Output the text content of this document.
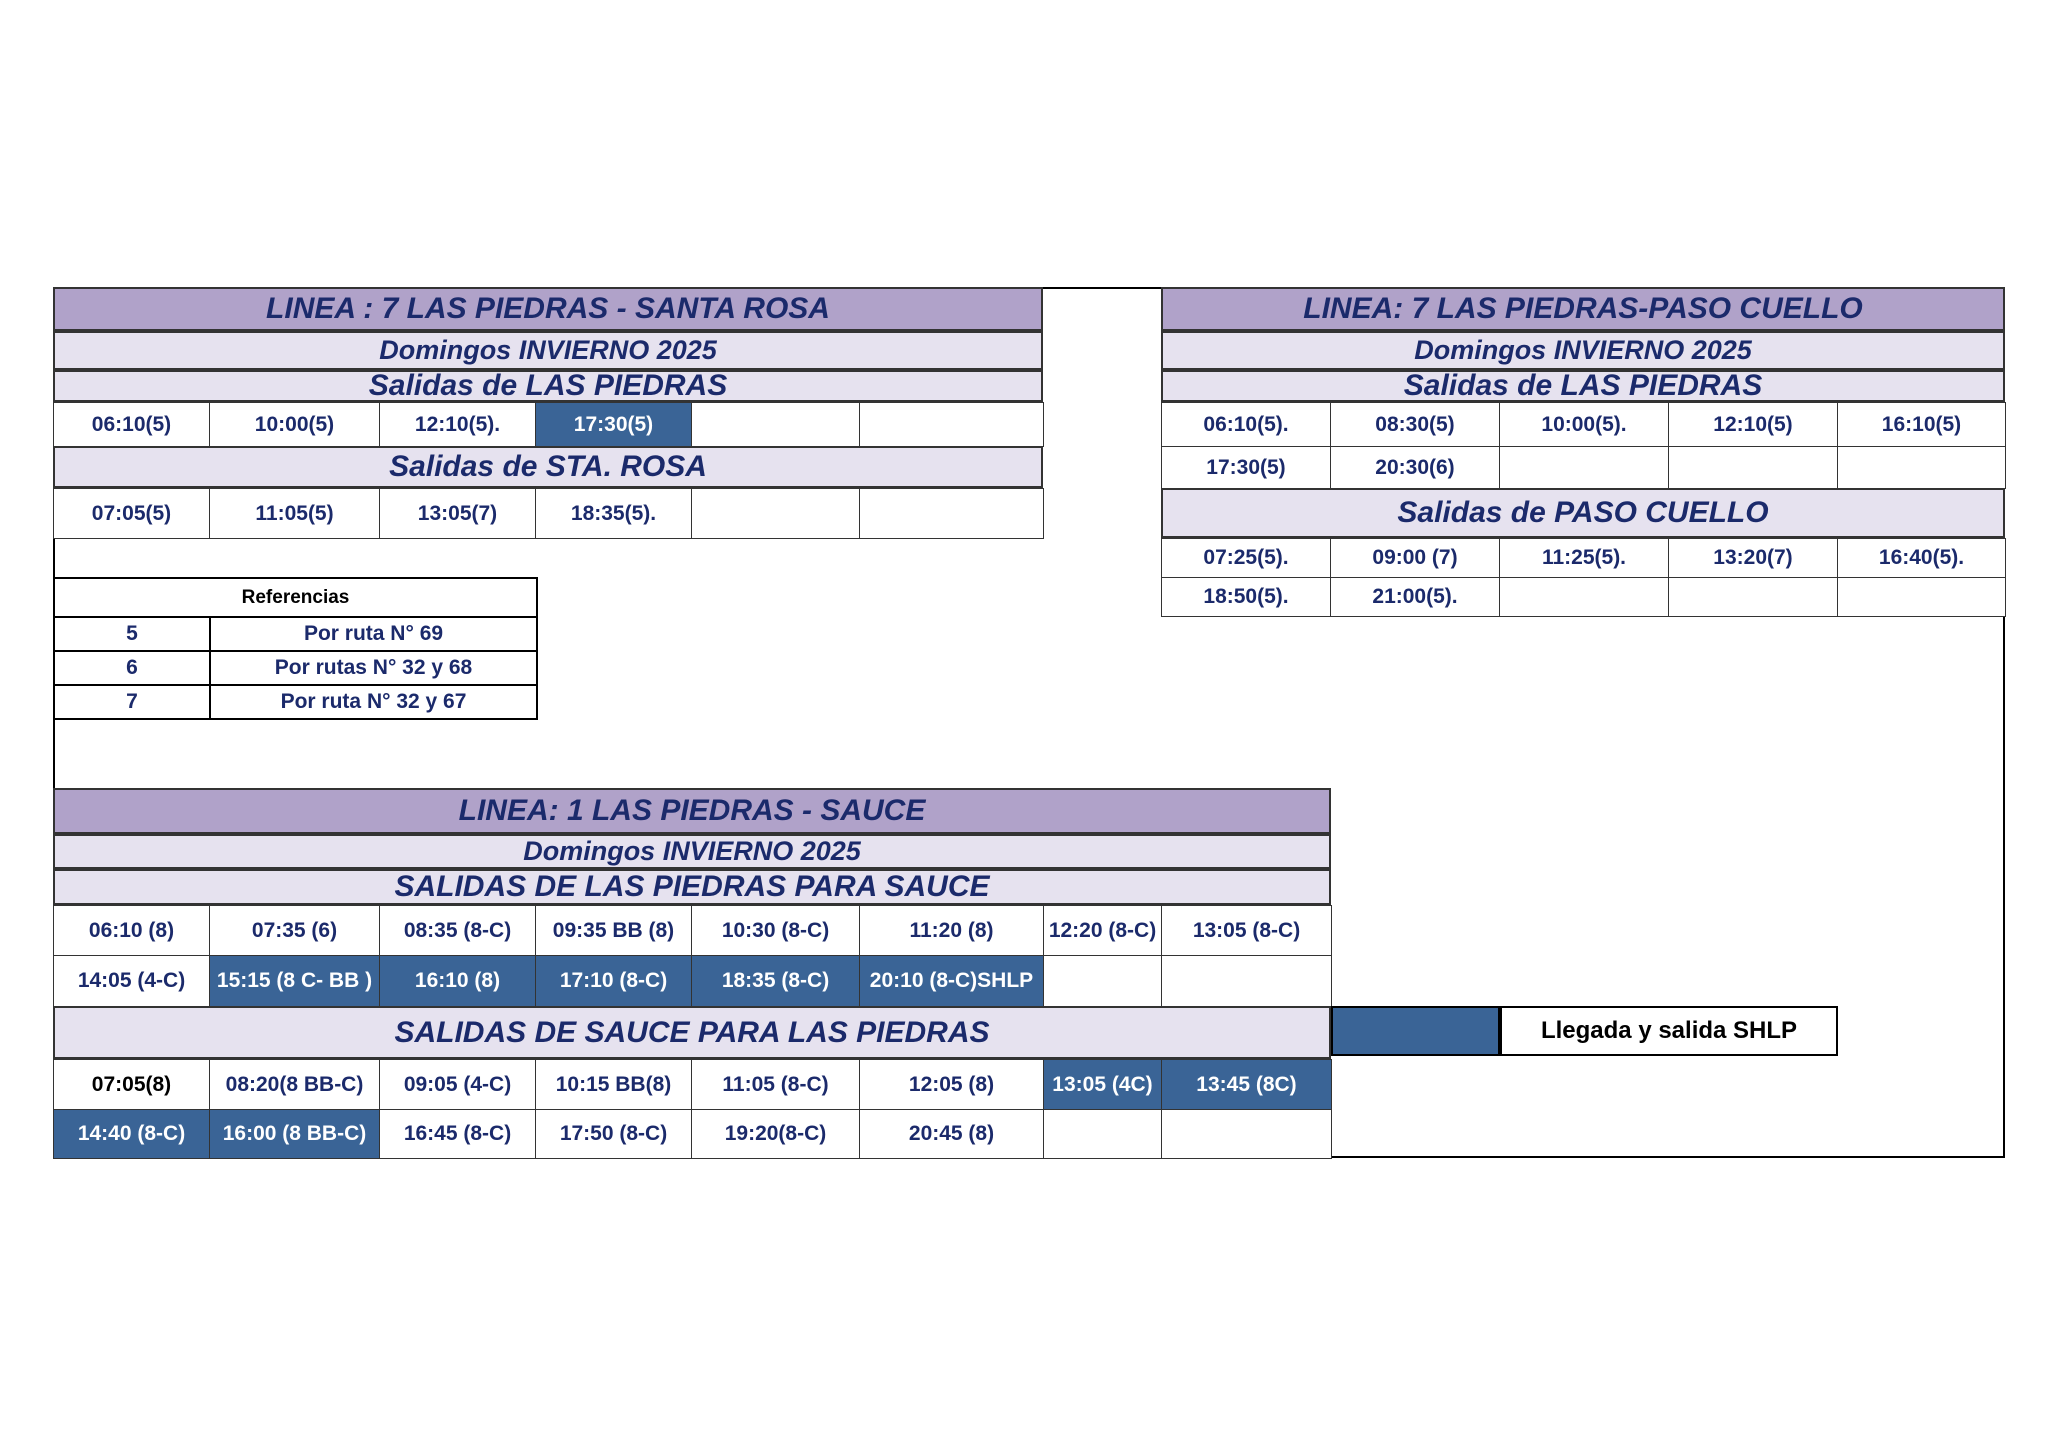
LINEA : 7 LAS PIEDRAS - SANTA ROSA
Domingos INVIERNO 2025
Salidas de LAS PIEDRAS
06:10(5)	10:00(5)	12:10(5).	17:30(5)		
Salidas de STA. ROSA
07:05(5)	11:05(5)	13:05(7)	18:35(5).		
Referencias	
5	Por ruta N° 69
6	Por rutas N° 32 y 68
7	Por ruta N° 32 y 67
LINEA: 7 LAS PIEDRAS-PASO CUELLO
Domingos INVIERNO 2025
Salidas de LAS PIEDRAS
06:10(5).	08:30(5)	10:00(5).	12:10(5)	16:10(5)
17:30(5)	20:30(6)			
Salidas de PASO CUELLO
07:25(5).	09:00 (7)	11:25(5).	13:20(7)	16:40(5).
18:50(5).	21:00(5).			
LINEA: 1 LAS PIEDRAS - SAUCE
Domingos INVIERNO 2025
SALIDAS DE LAS PIEDRAS PARA SAUCE
06:10 (8)	07:35 (6)	08:35 (8-C)	09:35 BB (8)	10:30 (8-C)	11:20 (8)	12:20 (8-C)	13:05 (8-C)
14:05 (4-C)	15:15 (8 C- BB )	16:10 (8)	17:10 (8-C)	18:35 (8-C)	20:10 (8-C)SHLP		
SALIDAS DE SAUCE PARA LAS PIEDRAS
07:05(8)	08:20(8 BB-C)	09:05 (4-C)	10:15 BB(8)	11:05 (8-C)	12:05 (8)	13:05 (4C)	13:45 (8C)
14:40 (8-C)	16:00 (8 BB-C)	16:45 (8-C)	17:50 (8-C)	19:20(8-C)	20:45 (8)		
Llegada y salida SHLP
